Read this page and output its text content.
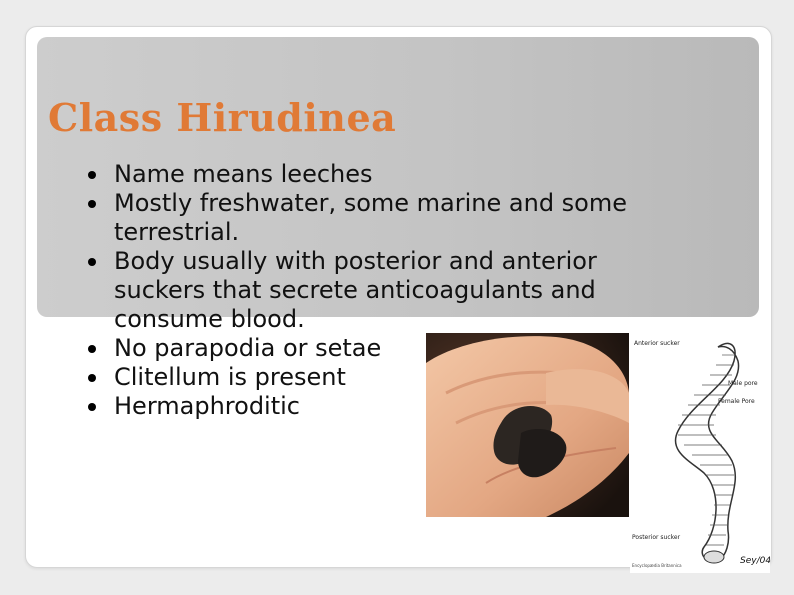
Class Hirudinea
Name means leeches
Mostly freshwater, some marine and some terrestrial.
Body usually with posterior and anterior suckers that secrete anticoagulants and consume blood.
No parapodia or setae
Clitellum is present
Hermaphroditic
Anterior sucker
Male pore
Female Pore
Posterior sucker
Encyclopædia Britannica	Sey/04
